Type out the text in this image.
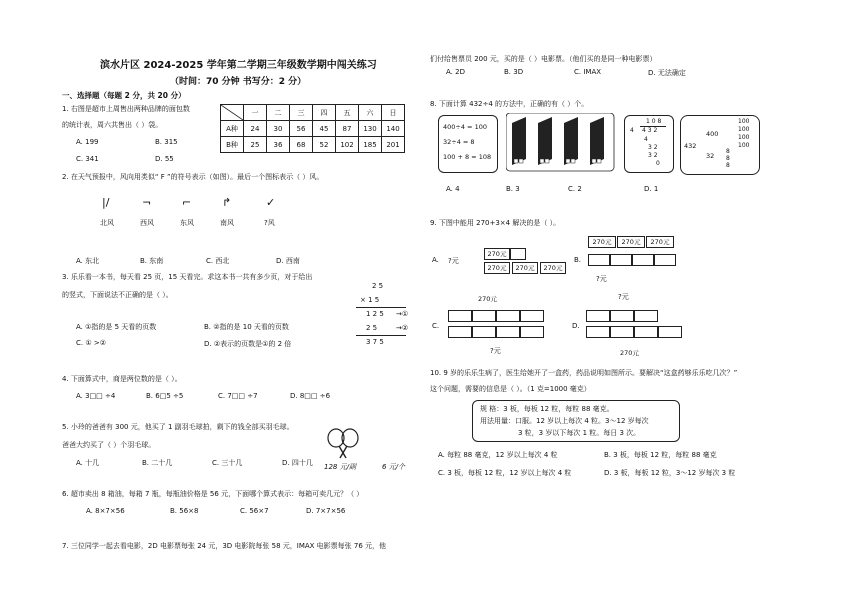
滨水片区 2024-2025 学年第二学期三年级数学期中闯关练习
（时间：70 分钟 书写分：2 分）
一、选择题（每题 2 分，共 20 分）
1. 右图是超市上周售出两种品牌的面包数
的统计表，周六共售出（ ）袋。
A. 199	B. 315
C. 341	D. 55
	一	二	三	四	五	六	日
A种	24	30	56	45	87	130	140
B种	25	36	68	52	102	185	201
2. 在天气预报中，风向用类似“ F ”的符号表示（如图）。最后一个图标表示（ ）风。
|/	¬	⌐	↱	✓
北风	西风	东风	南风	?风
A. 东北	B. 东南	C. 西北	D. 西南
3. 乐乐看一本书，每天看 25 页，15 天看完。求这本书一共有多少页，对于给出
的竖式，下面说法不正确的是（ ）。
2 5
× 1 5
1 2 5 →①
2 5	→②
3 7 5
A. ①指的是 5 天看的页数	B. ②指的是 10 天看的页数
C. ① >②	D. ②表示的页数是①的 2 倍
4. 下面算式中，商是两位数的是（ ）。
A. 3□□ ÷4	B. 6□5 ÷5	C. 7□□ ÷7	D. 8□□ ÷6
5. 小玲的爸爸有 300 元，他买了 1 副羽毛球拍，剩下的钱全部买羽毛球。
爸爸大约买了（ ）个羽毛球。
A. 十几	B. 二十几	C. 三十几	D. 四十几 128 元/副	6 元/个
6. 超市卖出 8 箱油，每箱 7 瓶，每瓶油价格是 56 元，下面哪个算式表示：每箱可卖几元？（ ）
A. 8×7×56	B. 56×8	C. 56×7	D. 7×7×56
7. 三位同学一起去看电影，2D 电影票每张 24 元，3D 电影院每张 58 元，IMAX 电影票每张 76 元，他
们付给售票员 200 元，买的是（ ）电影票。（他们买的是同一种电影票）
A. 2D	B. 3D	C. IMAX	D. 无法确定
8. 下面计算 432÷4 的方法中，正确的有（ ）个。
400÷4 = 100
32÷4 = 8
100 + 8 = 108
1 0 8
4 4 3 2
4
3 2
3 2
0
432
400
32
100
100
100
100
8
8
8
A. 4	B. 3	C. 2	D. 1
9. 下图中能用 270+3×4 解决的是（ ）。
A. ?元
270元
270元	270元	270元
B.
270元	270元	270元
?元
C.
270元
?元
D.
?元
270元
10. 9 岁的乐乐生病了，医生给她开了一盒药，药品说明如图所示。要解决“这盒药够乐乐吃几次？”
这个问题，需要的信息是（ ）。（1 克=1000 毫克）
规 格：3 板，每板 12 粒，每粒 88 毫克。
用法用量：口服。12 岁以上每次 4 粒。3～12 岁每次
3 粒，3 岁以下每次 1 粒。每日 3 次。
A. 每粒 88 毫克，12 岁以上每次 4 粒	B. 3 板，每板 12 粒，每粒 88 毫克
C. 3 板，每板 12 粒，12 岁以上每次 4 粒	D. 3 板，每板 12 粒，3～12 岁每次 3 粒
